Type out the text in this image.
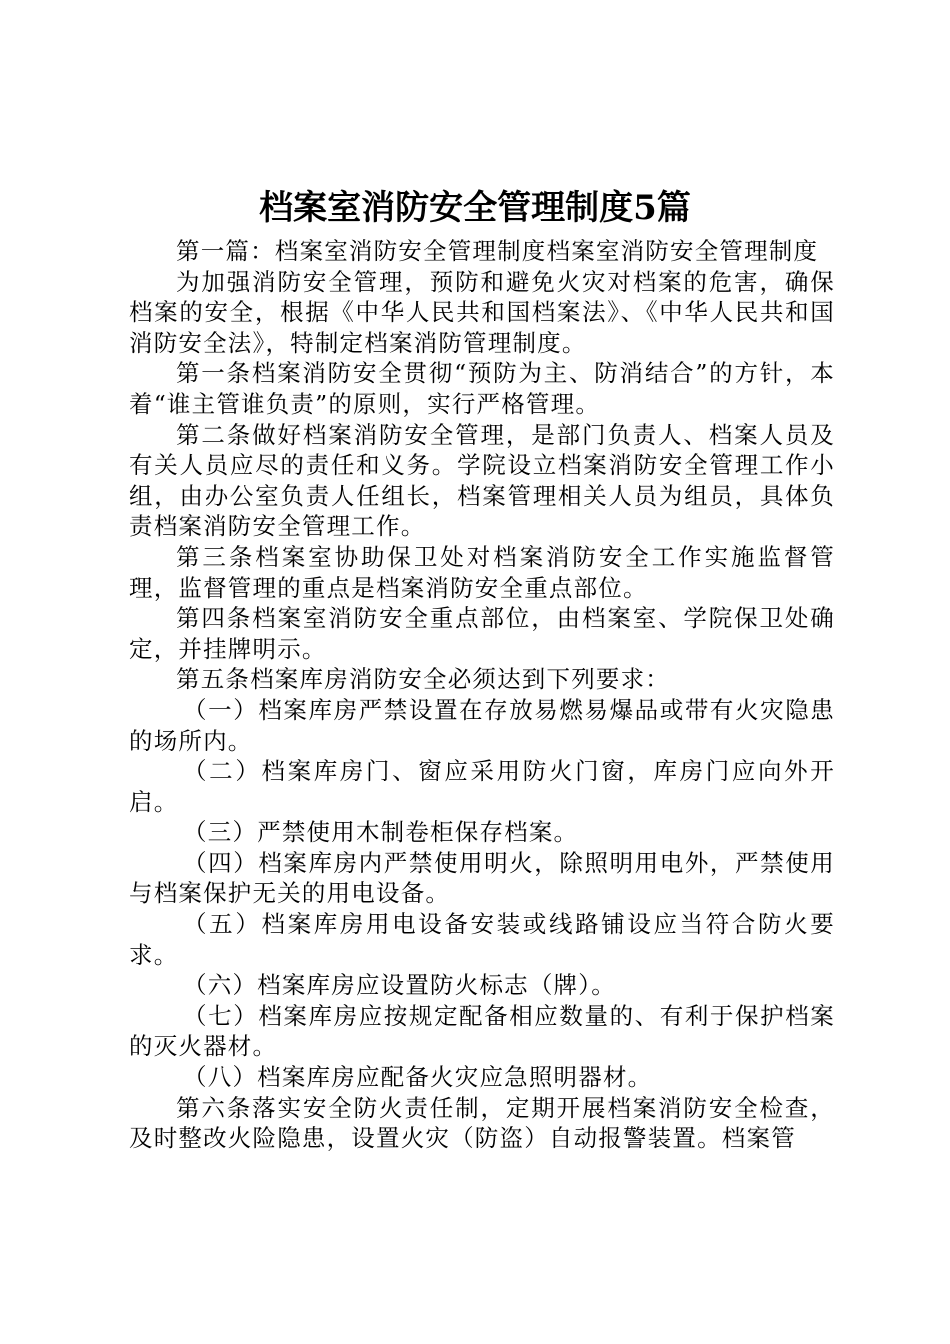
档案室消防安全管理制度5篇

第一篇：档案室消防安全管理制度档案室消防安全管理制度

为加强消防安全管理，预防和避免火灾对档案的危害，确保档案的安全，根据《中华人民共和国档案法》、《中华人民共和国消防安全法》，特制定档案消防管理制度。

第一条档案消防安全贯彻“预防为主、防消结合”的方针，本着“谁主管谁负责”的原则，实行严格管理。

第二条做好档案消防安全管理，是部门负责人、档案人员及有关人员应尽的责任和义务。学院设立档案消防安全管理工作小组，由办公室负责人任组长，档案管理相关人员为组员，具体负责档案消防安全管理工作。

第三条档案室协助保卫处对档案消防安全工作实施监督管理，监督管理的重点是档案消防安全重点部位。

第四条档案室消防安全重点部位，由档案室、学院保卫处确定，并挂牌明示。

第五条档案库房消防安全必须达到下列要求：

（一）档案库房严禁设置在存放易燃易爆品或带有火灾隐患的场所内。

（二）档案库房门、窗应采用防火门窗，库房门应向外开启。

（三）严禁使用木制卷柜保存档案。

（四）档案库房内严禁使用明火，除照明用电外，严禁使用与档案保护无关的用电设备。

（五）档案库房用电设备安装或线路铺设应当符合防火要求。

（六）档案库房应设置防火标志（牌）。

（七）档案库房应按规定配备相应数量的、有利于保护档案的灭火器材。

（八）档案库房应配备火灾应急照明器材。

第六条落实安全防火责任制，定期开展档案消防安全检查，及时整改火险隐患，设置火灾（防盗）自动报警装置。档案管
